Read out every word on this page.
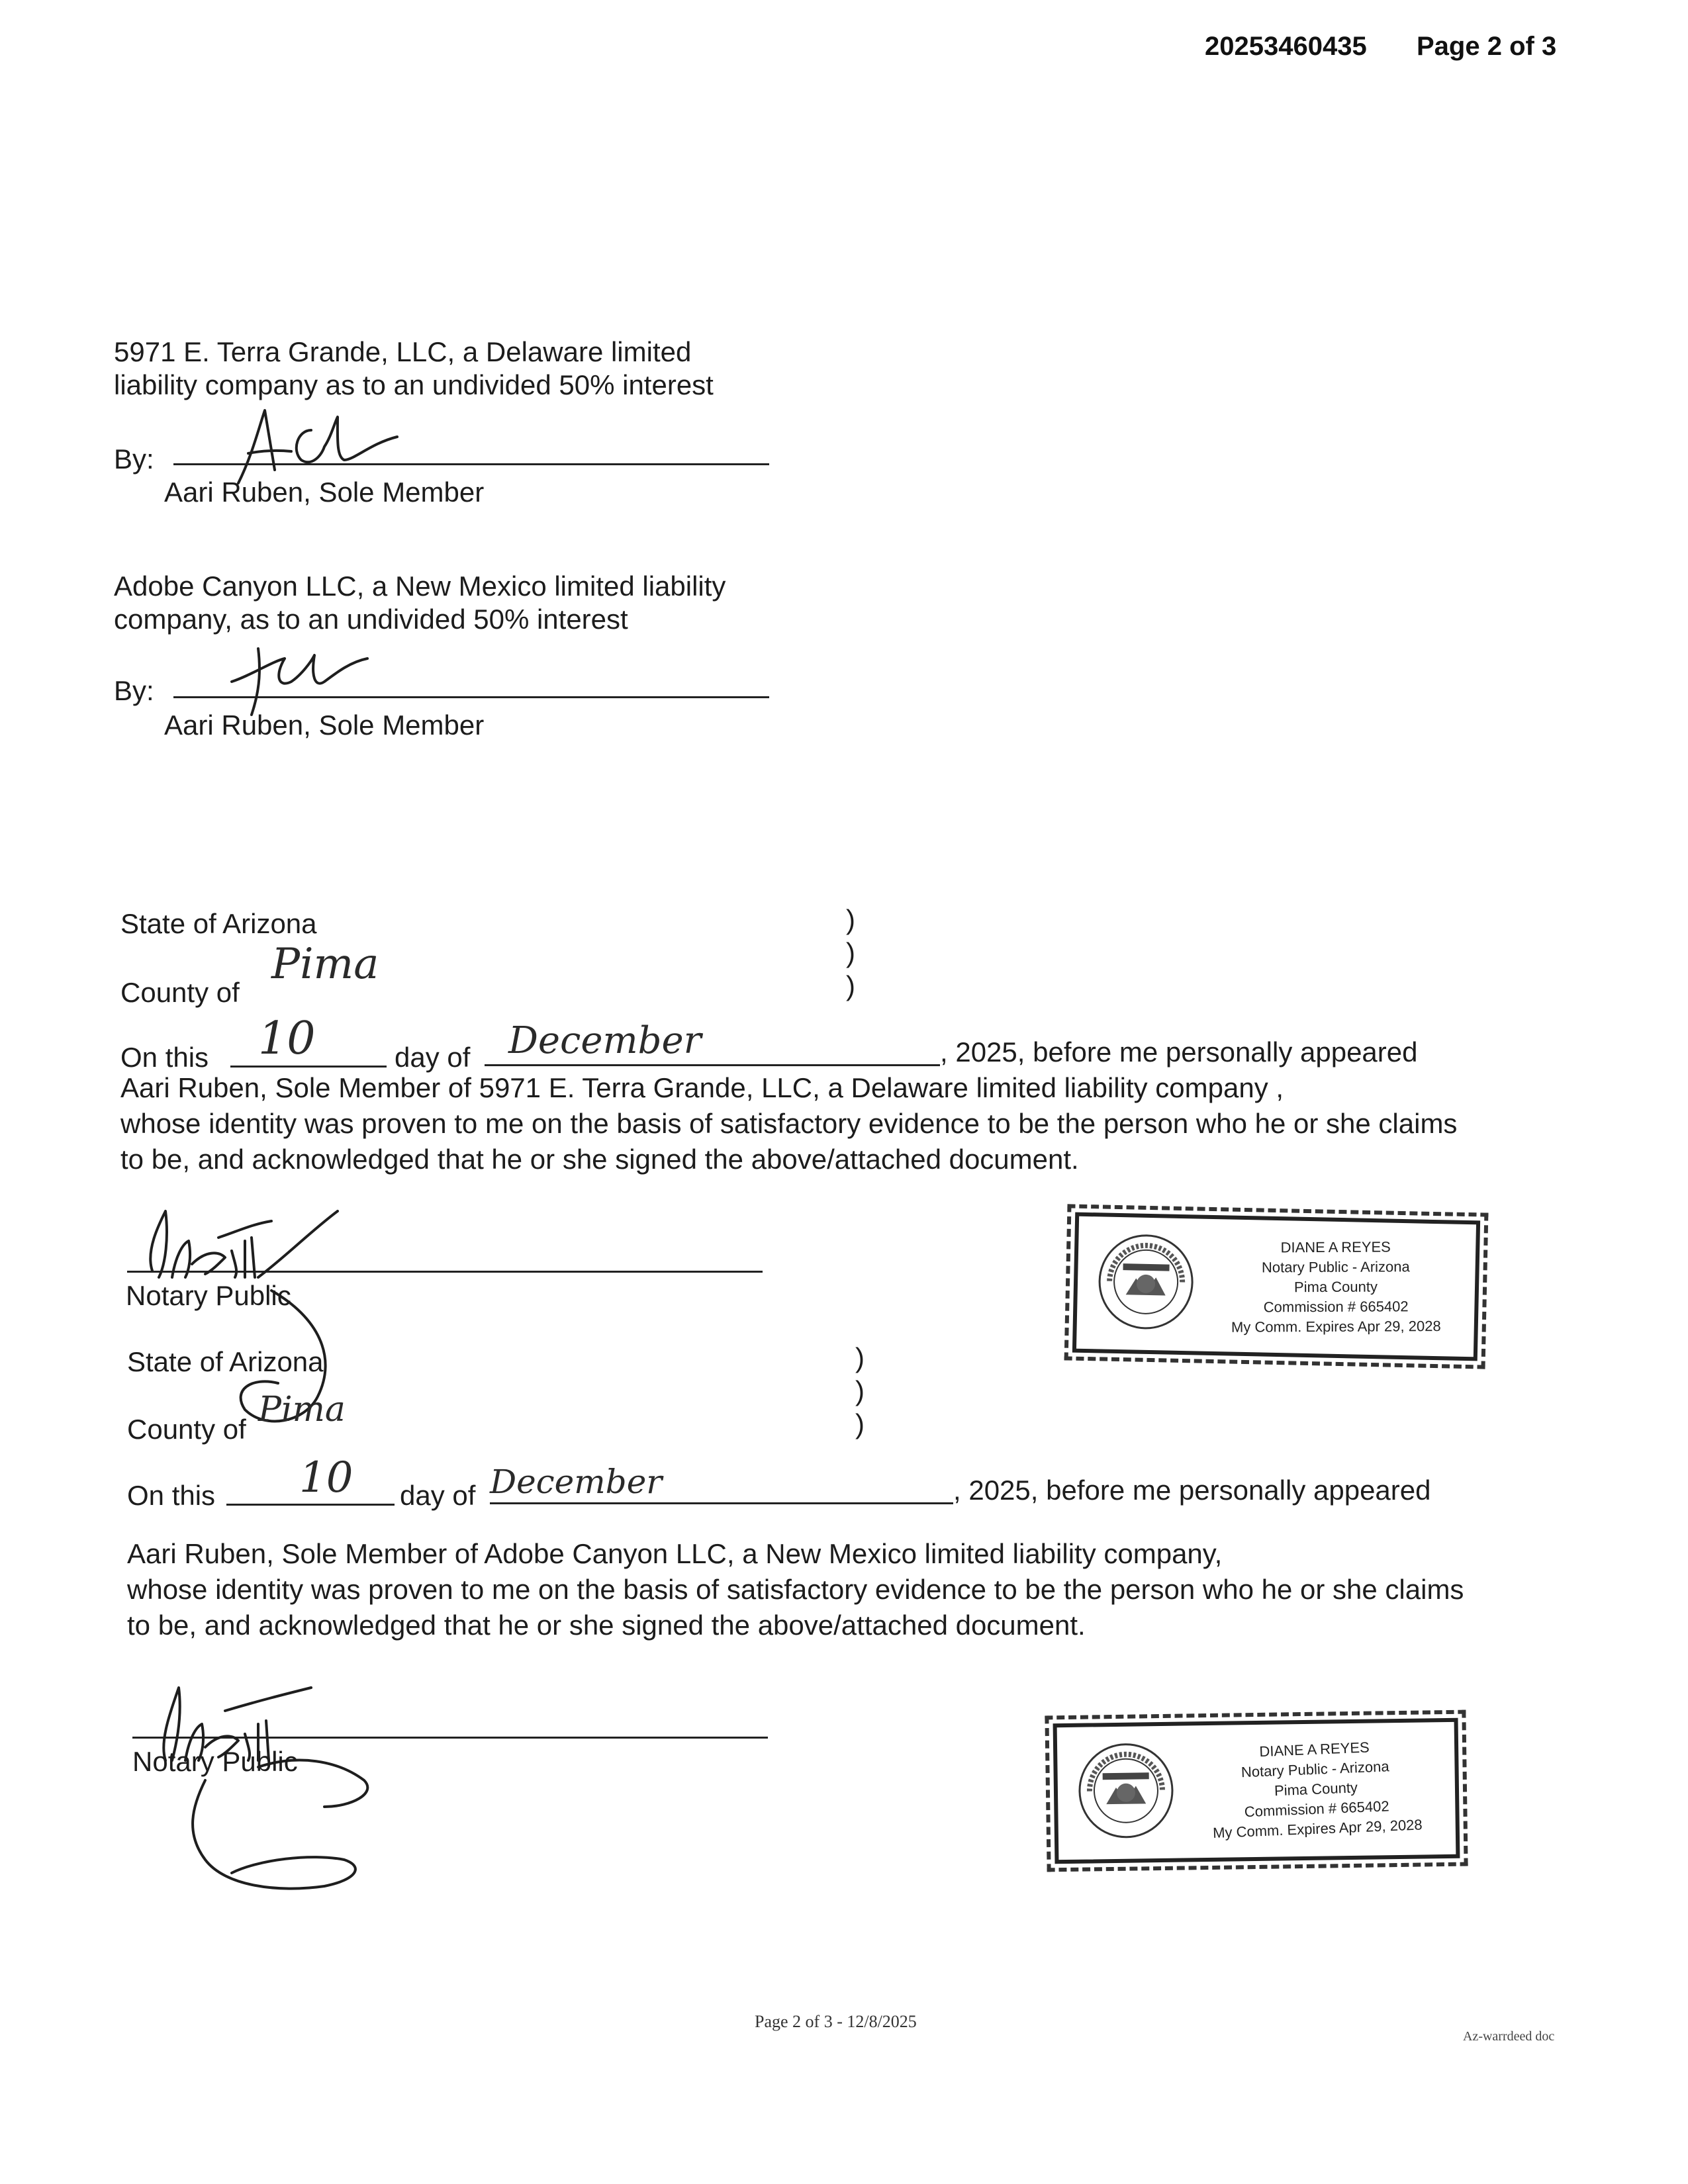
20253460435 Page 2 of 3
5971 E. Terra Grande, LLC, a Delaware limited
liability company as to an undivided 50% interest
By:
Aari Ruben, Sole Member
Adobe Canyon LLC, a New Mexico limited liability
company, as to an undivided 50% interest
By:
Aari Ruben, Sole Member
State of Arizona	)
)
)
County of
Pima
On this 10	day of December	, 2025, before me personally appeared
Aari Ruben, Sole Member of 5971 E. Terra Grande, LLC, a Delaware limited liability company ,
whose identity was proven to me on the basis of satisfactory evidence to be the person who he or she claims
to be, and acknowledged that he or she signed the above/attached document.
Notary Public
DIANE A REYES
Notary Public - Arizona
Pima County
Commission # 665402
My Comm. Expires Apr 29, 2028
State of Arizona	)
)
)
County of Pima
On this 10 day of December	, 2025, before me personally appeared
Aari Ruben, Sole Member of Adobe Canyon LLC, a New Mexico limited liability company,
whose identity was proven to me on the basis of satisfactory evidence to be the person who he or she claims
to be, and acknowledged that he or she signed the above/attached document.
Notary Public	DIANE A REYES
Notary Public - Arizona
Pima County
Commission # 665402
My Comm. Expires Apr 29, 2028
Page 2 of 3 - 12/8/2025
Az-warrdeed doc
